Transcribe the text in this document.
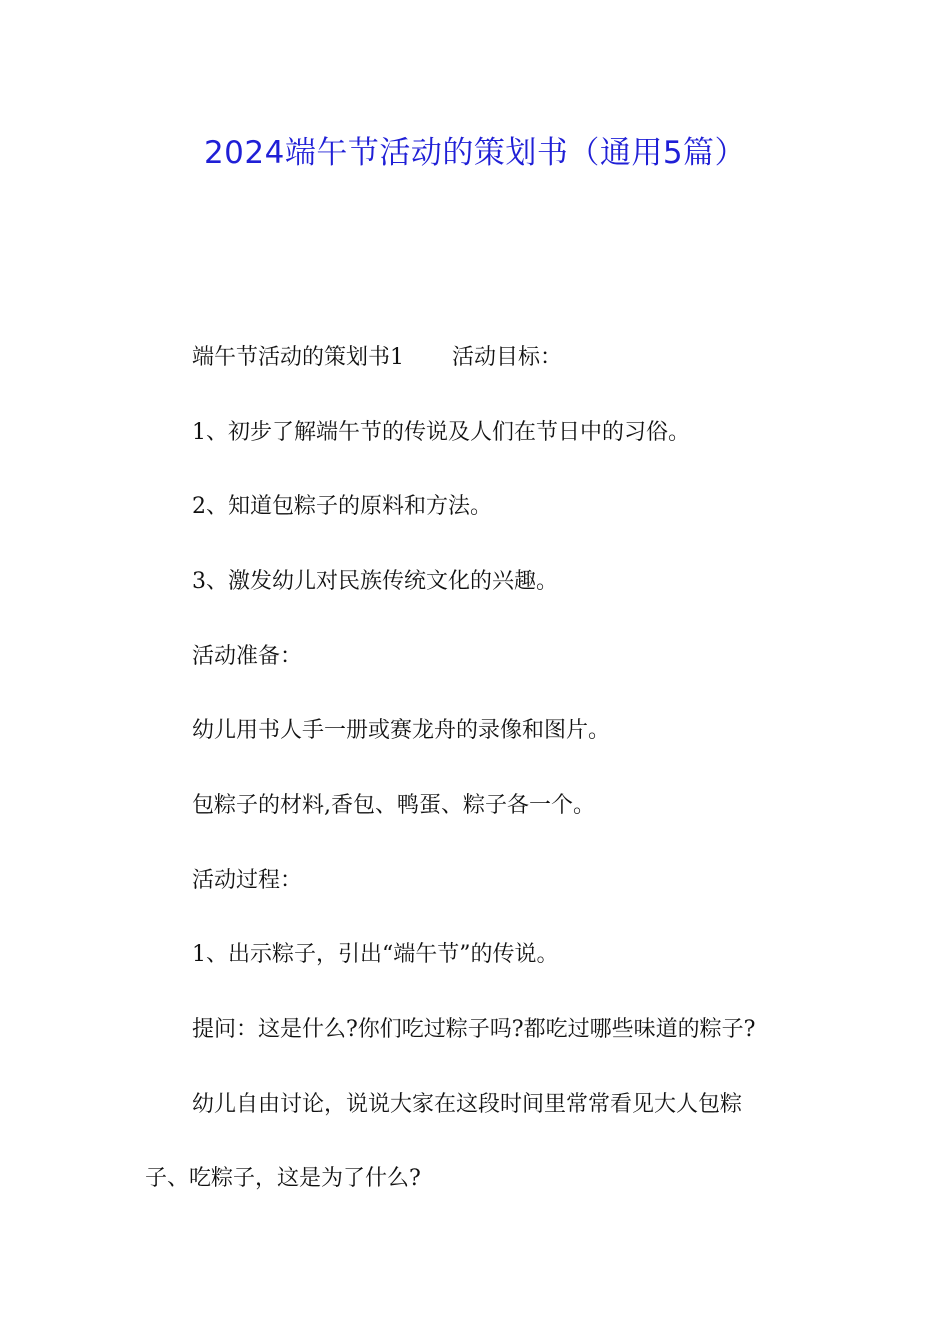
2024端午节活动的策划书（通用5篇）

端午节活动的策划书1 活动目标：

1、初步了解端午节的传说及人们在节日中的习俗。

2、知道包粽子的原料和方法。

3、激发幼儿对民族传统文化的兴趣。

活动准备：

幼儿用书人手一册或赛龙舟的录像和图片。

包粽子的材料,香包、鸭蛋、粽子各一个。

活动过程：

1、出示粽子，引出“端午节”的传说。

提问：这是什么?你们吃过粽子吗?都吃过哪些味道的粽子?

幼儿自由讨论，说说大家在这段时间里常常看见大人包粽

子、吃粽子，这是为了什么?
